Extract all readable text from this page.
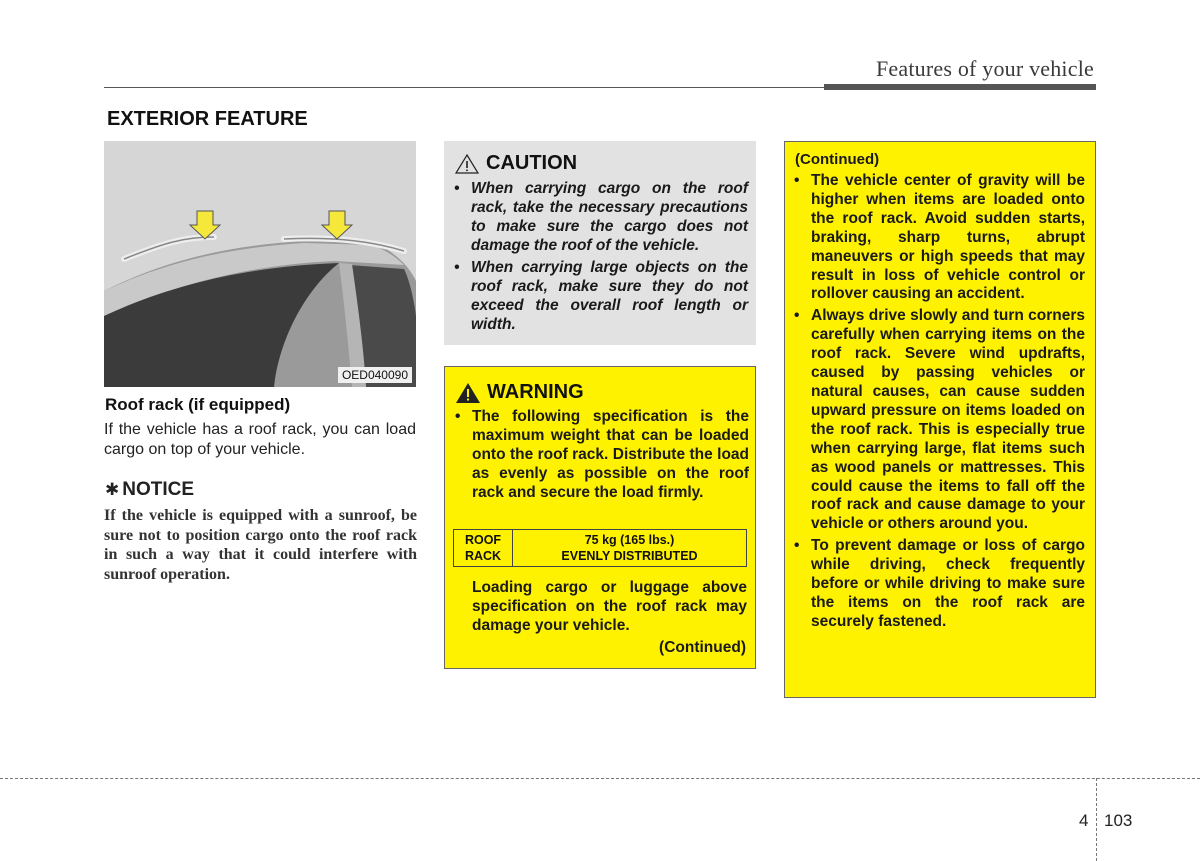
Features of your vehicle
EXTERIOR FEATURE
OED040090
Roof rack (if equipped)
If the vehicle has a roof rack, you can load cargo on top of your vehicle.
✱ NOTICE
If the vehicle is equipped with a sunroof, be sure not to position cargo onto the roof rack in such a way that it could interfere with sunroof operation.
CAUTION
• When carrying cargo on the roof rack, take the necessary precautions to make sure the cargo does not damage the roof of the vehicle.
• When carrying large objects on the roof rack, make sure they do not exceed the overall roof length or width.
WARNING
• The following specification is the maximum weight that can be loaded onto the roof rack. Distribute the load as evenly as possible on the roof rack and secure the load firmly.
ROOF
RACK

75 kg (165 lbs.)
EVENLY DISTRIBUTED
Loading cargo or luggage above specification on the roof rack may damage your vehicle.
(Continued)
(Continued)
• The vehicle center of gravity will be higher when items are loaded onto the roof rack. Avoid sudden starts, braking, sharp turns, abrupt maneuvers or high speeds that may result in loss of vehicle control or rollover causing an accident.
• Always drive slowly and turn corners carefully when carrying items on the roof rack. Severe wind updrafts, caused by passing vehicles or natural causes, can cause sudden upward pressure on items loaded on the roof rack. This is especially true when carrying large, flat items such as wood panels or mattresses. This could cause the items to fall off the roof rack and cause damage to your vehicle or others around you.
• To prevent damage or loss of cargo while driving, check frequently before or while driving to make sure the items on the roof rack are securely fastened.
4 103
